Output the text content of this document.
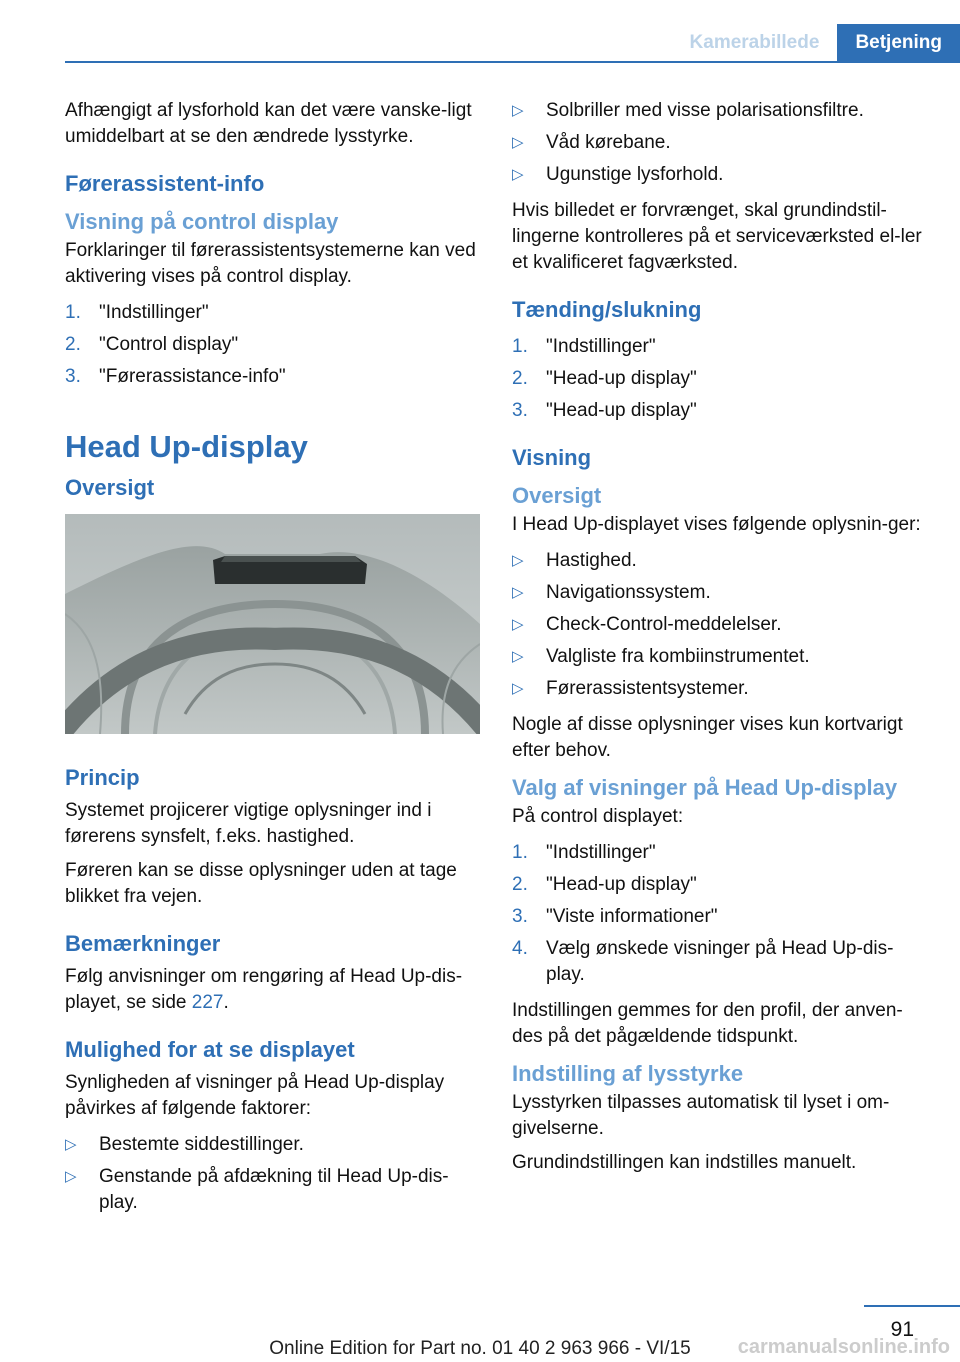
Kamerabillede	Betjening

Afhængigt af lysforhold kan det være vanske-ligt umiddelbart at se den ændrede lysstyrke.

Førerassistent-info
Visning på control display

Forklaringer til førerassistentsystemerne kan ved aktivering vises på control display.

1. "Indstillinger"
2. "Control display"
3. "Førerassistance-info"
Head Up-display
Oversigt
Princip

Systemet projicerer vigtige oplysninger ind i førerens synsfelt, f.eks. hastighed.

Føreren kan se disse oplysninger uden at tage blikket fra vejen.

Bemærkninger

Følg anvisninger om rengøring af Head Up-dis-playet, se side 227.

Mulighed for at se displayet

Synligheden af visninger på Head Up-display påvirkes af følgende faktorer:

▷ Bestemte siddestillinger.
▷ Genstande på afdækning til Head Up-dis-play.
▷ Solbriller med visse polarisationsfiltre.
▷ Våd kørebane.
▷ Ugunstige lysforhold.

Hvis billedet er forvrænget, skal grundindstil-lingerne kontrolleres på et serviceværksted el-ler et kvalificeret fagværksted.

Tænding/slukning
1. "Indstillinger"
2. "Head-up display"
3. "Head-up display"
Visning
Oversigt

I Head Up-displayet vises følgende oplysnin-ger:

▷ Hastighed.
▷ Navigationssystem.
▷ Check-Control-meddelelser.
▷ Valgliste fra kombiinstrumentet.
▷ Førerassistentsystemer.

Nogle af disse oplysninger vises kun kortvarigt efter behov.

Valg af visninger på Head Up-display

På control displayet:

1. "Indstillinger"
2. "Head-up display"
3. "Viste informationer"
4. Vælg ønskede visninger på Head Up-dis-play.

Indstillingen gemmes for den profil, der anven-des på det pågældende tidspunkt.

Indstilling af lysstyrke

Lysstyrken tilpasses automatisk til lyset i om-givelserne.

Grundindstillingen kan indstilles manuelt.

91
Online Edition for Part no. 01 40 2 963 966 - VI/15	carmanualsonline.info
